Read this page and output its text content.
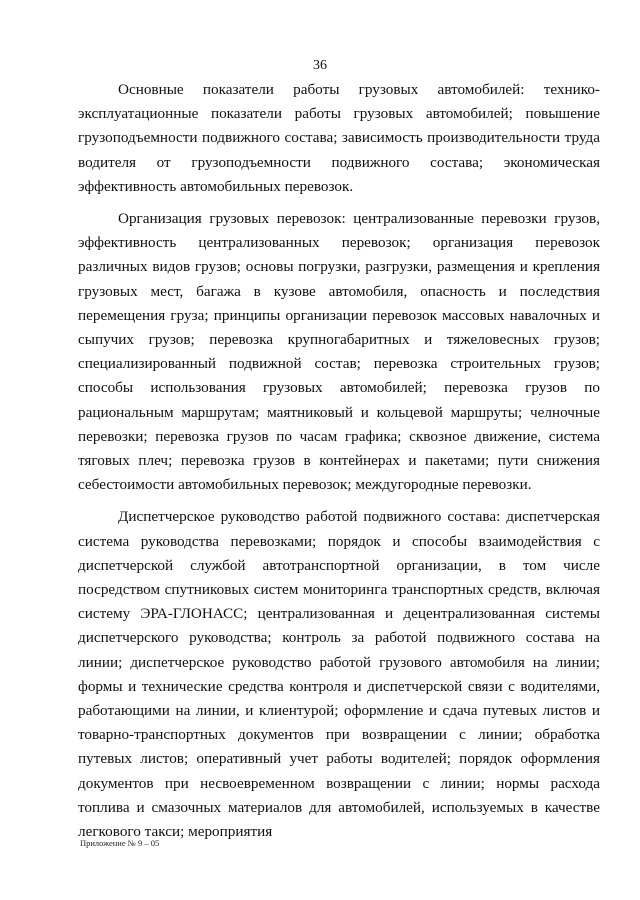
36

Основные показатели работы грузовых автомобилей: технико-эксплуатационные показатели работы грузовых автомобилей; повышение грузоподъемности подвижного состава; зависимость производительности труда водителя от грузоподъемности подвижного состава; экономическая эффективность автомобильных перевозок.

Организация грузовых перевозок: централизованные перевозки грузов, эффективность централизованных перевозок; организация перевозок различных видов грузов; основы погрузки, разгрузки, размещения и крепления грузовых мест, багажа в кузове автомобиля, опасность и последствия перемещения груза; принципы организации перевозок массовых навалочных и сыпучих грузов; перевозка крупногабаритных и тяжеловесных грузов; специализированный подвижной состав; перевозка строительных грузов; способы использования грузовых автомобилей; перевозка грузов по рациональным маршрутам; маятниковый и кольцевой маршруты; челночные перевозки; перевозка грузов по часам графика; сквозное движение, система тяговых плеч; перевозка грузов в контейнерах и пакетами; пути снижения себестоимости автомобильных перевозок; междугородные перевозки.

Диспетчерское руководство работой подвижного состава: диспетчерская система руководства перевозками; порядок и способы взаимодействия с диспетчерской службой автотранспортной организации, в том числе посредством спутниковых систем мониторинга транспортных средств, включая систему ЭРА-ГЛОНАСС; централизованная и децентрализованная системы диспетчерского руководства; контроль за работой подвижного состава на линии; диспетчерское руководство работой грузового автомобиля на линии; формы и технические средства контроля и диспетчерской связи с водителями, работающими на линии, и клиентурой; оформление и сдача путевых листов и товарно-транспортных документов при возвращении с линии; обработка путевых листов; оперативный учет работы водителей; порядок оформления документов при несвоевременном возвращении с линии; нормы расхода топлива и смазочных материалов для автомобилей, используемых в качестве легкового такси; мероприятия

Приложение № 9 – 05
